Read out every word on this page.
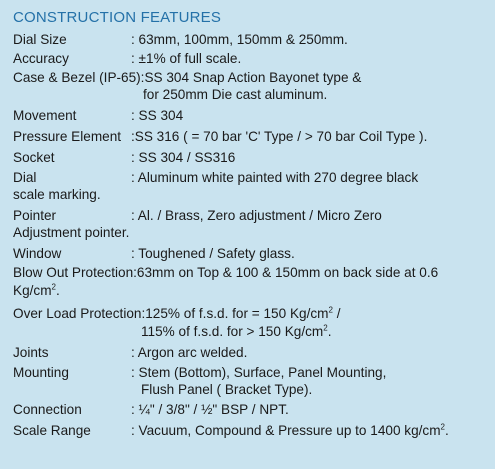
CONSTRUCTION FEATURES
Dial Size	: 63mm, 100mm, 150mm & 250mm.
Accuracy	: ±1% of full scale.
Case & Bezel (IP-65):SS 304 Snap Action Bayonet type &
for 250mm Die cast aluminum.
Movement	: SS 304
Pressure Element :SS 316 ( = 70 bar 'C' Type / > 70 bar Coil Type ).
Socket	: SS 304 / SS316
Dial	: Aluminum white painted with 270 degree black
scale marking.
Pointer	: Al. / Brass, Zero adjustment / Micro Zero
Adjustment pointer.
Window	: Toughened / Safety glass.
Blow Out Protection:63mm on Top & 100 & 150mm on back side at 0.6
$Kg/cm^2$.
Over Load Protection:125% of f.s.d. for = 150 $Kg/cm^2$ /
115% of f.s.d. for > 150 $Kg/cm^2$.
Joints	: Argon arc welded.
Mounting	: Stem (Bottom), Surface, Panel Mounting,
Flush Panel ( Bracket Type).
Connection	: ¼" / 3/8" / ½" BSP / NPT.
Scale Range	: Vacuum, Compound & Pressure up to 1400 $kg/cm^2$.
